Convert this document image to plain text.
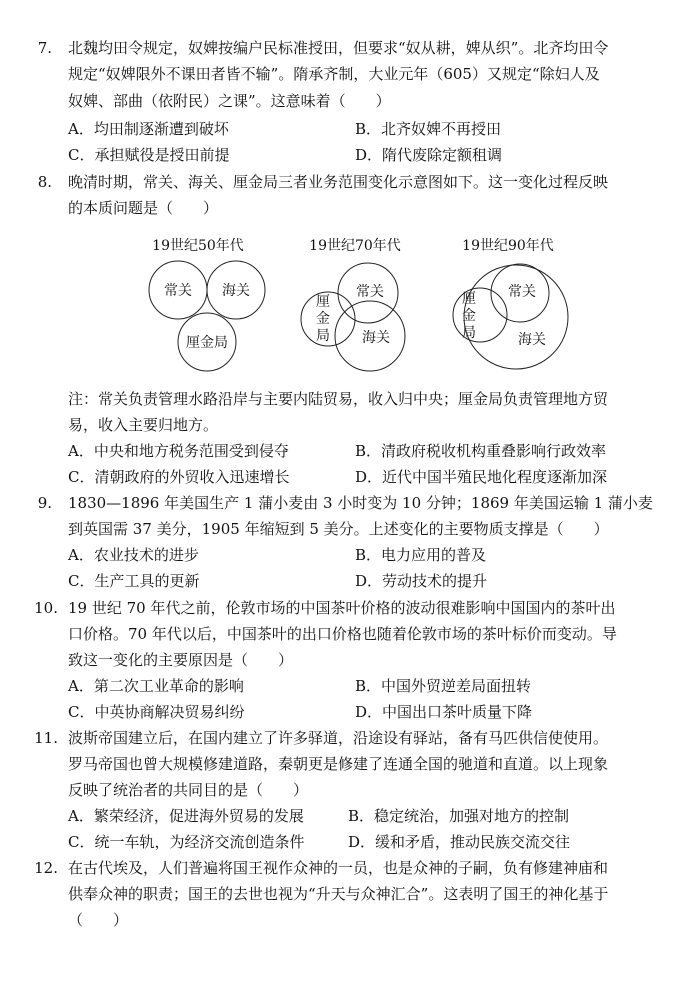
7. 北魏均田令规定，奴婢按编户民标准授田，但要求“奴从耕，婢从织”。北齐均田令
规定“奴婢限外不课田者皆不输”。隋承齐制，大业元年（605）又规定“除妇人及
奴婢、部曲（依附民）之课”。这意味着（　　）
A．均田制逐渐遭到破坏	B．北齐奴婢不再授田
C．承担赋役是授田前提	D．隋代废除定额租调
8. 晚清时期，常关、海关、厘金局三者业务范围变化示意图如下。这一变化过程反映
的本质问题是（　　）
19世纪50年代
常关 海关
厘金局
19世纪70年代
常关
厘
金
局 海关
19世纪90年代
常关
厘
金
局	海关
注：常关负责管理水路沿岸与主要内陆贸易，收入归中央；厘金局负责管理地方贸
易，收入主要归地方。
A．中央和地方税务范围受到侵夺	B．清政府税收机构重叠影响行政效率
C．清朝政府的外贸收入迅速增长	D．近代中国半殖民地化程度逐渐加深
9. 1830—1896 年美国生产 1 蒲小麦由 3 小时变为 10 分钟；1869 年美国运输 1 蒲小麦
到英国需 37 美分，1905 年缩短到 5 美分。上述变化的主要物质支撑是（　　）
A．农业技术的进步	B．电力应用的普及
C．生产工具的更新	D．劳动技术的提升
10. 19 世纪 70 年代之前，伦敦市场的中国茶叶价格的波动很难影响中国国内的茶叶出
口价格。70 年代以后，中国茶叶的出口价格也随着伦敦市场的茶叶标价而变动。导
致这一变化的主要原因是（　　）
A．第二次工业革命的影响	B．中国外贸逆差局面扭转
C．中英协商解决贸易纠纷	D．中国出口茶叶质量下降
11. 波斯帝国建立后，在国内建立了许多驿道，沿途设有驿站，备有马匹供信使使用。
罗马帝国也曾大规模修建道路，秦朝更是修建了连通全国的驰道和直道。以上现象
反映了统治者的共同目的是（　　）
A．繁荣经济，促进海外贸易的发展	B．稳定统治，加强对地方的控制
C．统一车轨，为经济交流创造条件	D．缓和矛盾，推动民族交流交往
12. 在古代埃及，人们普遍将国王视作众神的一员，也是众神的子嗣，负有修建神庙和
供奉众神的职责；国王的去世也视为“升天与众神汇合”。这表明了国王的神化基于
（　　）
